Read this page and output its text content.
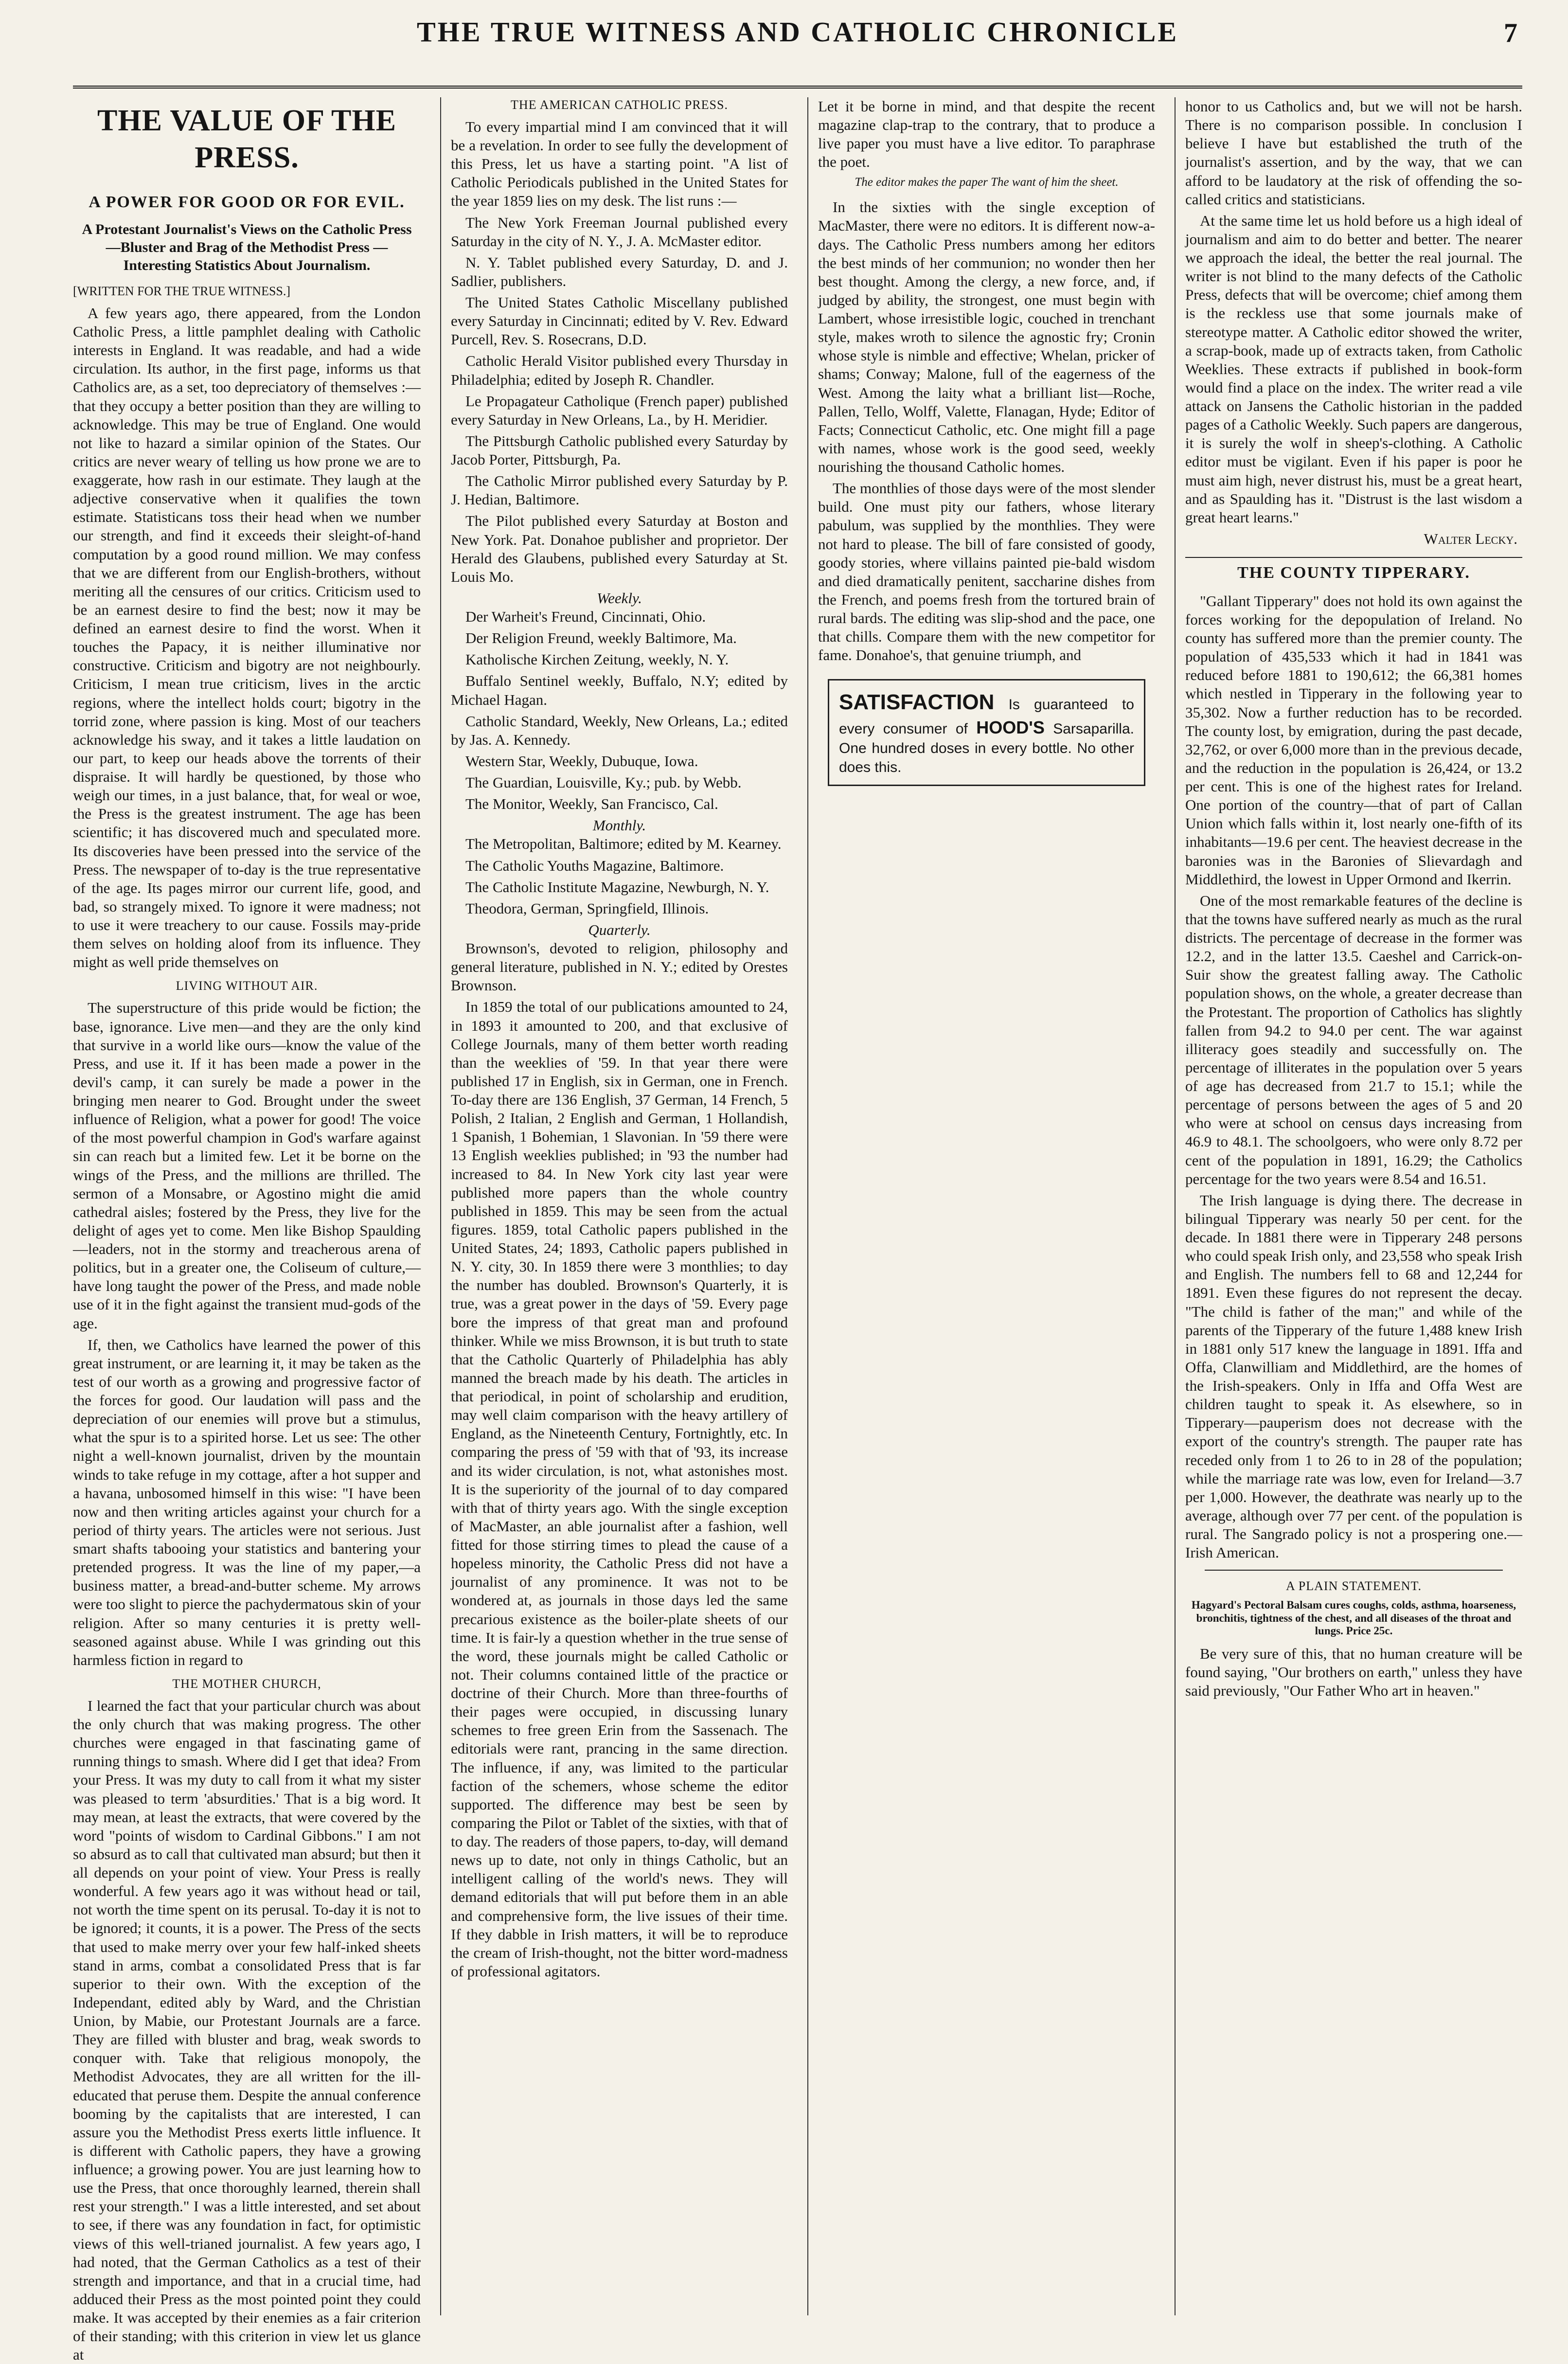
THE TRUE WITNESS AND CATHOLIC CHRONICLE	7
THE VALUE OF THE PRESS.
A POWER FOR GOOD OR FOR EVIL.
A Protestant Journalist's Views on the Catholic Press—Bluster and Brag of the Methodist Press — Interesting Statistics About Journalism.
[WRITTEN FOR THE TRUE WITNESS.]

A few years ago, there appeared, from the London Catholic Press, a little pamphlet dealing with Catholic interests in England. It was readable, and had a wide circulation. Its author, in the first page, informs us that Catholics are, as a set, too depreciatory of themselves :— that they occupy a better position than they are willing to acknowledge. This may be true of England. One would not like to hazard a similar opinion of the States. Our critics are never weary of telling us how prone we are to exaggerate, how rash in our estimate. They laugh at the adjective conservative when it qualifies the town estimate. Statisticans toss their head when we number our strength, and find it exceeds their sleight-of-hand computation by a good round million. We may confess that we are different from our English-brothers, without meriting all the censures of our critics. Criticism used to be an earnest desire to find the best; now it may be defined an earnest desire to find the worst. When it touches the Papacy, it is neither illuminative nor constructive. Criticism and bigotry are not neighbourly. Criticism, I mean true criticism, lives in the arctic regions, where the intellect holds court; bigotry in the torrid zone, where passion is king. Most of our teachers acknowledge his sway, and it takes a little laudation on our part, to keep our heads above the torrents of their dispraise. It will hardly be questioned, by those who weigh our times, in a just balance, that, for weal or woe, the Press is the greatest instrument. The age has been scientific; it has discovered much and speculated more. Its discoveries have been pressed into the service of the Press. The newspaper of to-day is the true representative of the age. Its pages mirror our current life, good, and bad, so strangely mixed. To ignore it were madness; not to use it were treachery to our cause. Fossils may-pride them selves on holding aloof from its influence. They might as well pride themselves on

LIVING WITHOUT AIR.

The superstructure of this pride would be fiction; the base, ignorance. Live men—and they are the only kind that survive in a world like ours—know the value of the Press, and use it. If it has been made a power in the devil's camp, it can surely be made a power in the bringing men nearer to God. Brought under the sweet influence of Religion, what a power for good! The voice of the most powerful champion in God's warfare against sin can reach but a limited few. Let it be borne on the wings of the Press, and the millions are thrilled. The sermon of a Monsabre, or Agostino might die amid cathedral aisles; fostered by the Press, they live for the delight of ages yet to come. Men like Bishop Spaulding—leaders, not in the stormy and treacherous arena of politics, but in a greater one, the Coliseum of culture,—have long taught the power of the Press, and made noble use of it in the fight against the transient mud-gods of the age.

If, then, we Catholics have learned the power of this great instrument, or are learning it, it may be taken as the test of our worth as a growing and progressive factor of the forces for good. Our laudation will pass and the depreciation of our enemies will prove but a stimulus, what the spur is to a spirited horse. Let us see: The other night a well-known journalist, driven by the mountain winds to take refuge in my cottage, after a hot supper and a havana, unbosomed himself in this wise: "I have been now and then writing articles against your church for a period of thirty years. The articles were not serious. Just smart shafts tabooing your statistics and bantering your pretended progress. It was the line of my paper,—a business matter, a bread-and-butter scheme. My arrows were too slight to pierce the pachydermatous skin of your religion. After so many centuries it is pretty well-seasoned against abuse. While I was grinding out this harmless fiction in regard to

THE MOTHER CHURCH,

I learned the fact that your particular church was about the only church that was making progress. The other churches were engaged in that fascinating game of running things to smash. Where did I get that idea? From your Press. It was my duty to call from it what my sister was pleased to term 'absurdities.' That is a big word. It may mean, at least the extracts, that were covered by the word "points of wisdom to Cardinal Gibbons." I am not so absurd as to call that cultivated man absurd; but then it all depends on your point of view. Your Press is really wonderful. A few years ago it was without head or tail, not worth the time spent on its perusal. To-day it is not to be ignored; it counts, it is a power. The Press of the sects that used to make merry over your few half-inked sheets stand in arms, combat a consolidated Press that is far superior to their own. With the exception of the Independant, edited ably by Ward, and the Christian Union, by Mabie, our Protestant Journals are a farce. They are filled with bluster and brag, weak swords to conquer with. Take that religious monopoly, the Methodist Advocates, they are all written for the ill-educated that peruse them. Despite the annual conference booming by the capitalists that are interested, I can assure you the Methodist Press exerts little influence. It is different with Catholic papers, they have a growing influence; a growing power. You are just learning how to use the Press, that once thoroughly learned, therein shall rest your strength." I was a little interested, and set about to see, if there was any foundation in fact, for optimistic views of this well-trianed journalist. A few years ago, I had noted, that the German Catholics as a test of their strength and importance, and that in a crucial time, had adduced their Press as the most pointed point they could make. It was accepted by their enemies as a fair criterion of their standing; with this criterion in view let us glance at

THE AMERICAN CATHOLIC PRESS.

To every impartial mind I am convinced that it will be a revelation. In order to see fully the development of this Press, let us have a starting point. "A list of Catholic Periodicals published in the United States for the year 1859 lies on my desk. The list runs :—

The New York Freeman Journal published every Saturday in the city of N. Y., J. A. McMaster editor.

N. Y. Tablet published every Saturday, D. and J. Sadlier, publishers.

The United States Catholic Miscellany published every Saturday in Cincinnati; edited by V. Rev. Edward Purcell, Rev. S. Rosecrans, D.D.

Catholic Herald Visitor published every Thursday in Philadelphia; edited by Joseph R. Chandler.

Le Propagateur Catholique (French paper) published every Saturday in New Orleans, La., by H. Meridier.

The Pittsburgh Catholic published every Saturday by Jacob Porter, Pittsburgh, Pa.

The Catholic Mirror published every Saturday by P. J. Hedian, Baltimore.

The Pilot published every Saturday at Boston and New York. Pat. Donahoe publisher and proprietor. Der Herald des Glaubens, published every Saturday at St. Louis Mo.

Weekly.

Der Warheit's Freund, Cincinnati, Ohio.

Der Religion Freund, weekly Baltimore, Ma.

Katholische Kirchen Zeitung, weekly, N. Y.

Buffalo Sentinel weekly, Buffalo, N.Y; edited by Michael Hagan.

Catholic Standard, Weekly, New Orleans, La.; edited by Jas. A. Kennedy.

Western Star, Weekly, Dubuque, Iowa.

The Guardian, Louisville, Ky.; pub. by Webb.

The Monitor, Weekly, San Francisco, Cal.

Monthly.

The Metropolitan, Baltimore; edited by M. Kearney.

The Catholic Youths Magazine, Baltimore.

The Catholic Institute Magazine, Newburgh, N. Y.

Theodora, German, Springfield, Illinois.

Quarterly.

Brownson's, devoted to religion, philosophy and general literature, published in N. Y.; edited by Orestes Brownson.

In 1859 the total of our publications amounted to 24, in 1893 it amounted to 200, and that exclusive of College Journals, many of them better worth reading than the weeklies of '59. In that year there were published 17 in English, six in German, one in French. To-day there are 136 English, 37 German, 14 French, 5 Polish, 2 Italian, 2 English and German, 1 Hollandish, 1 Spanish, 1 Bohemian, 1 Slavonian. In '59 there were 13 English weeklies published; in '93 the number had increased to 84. In New York city last year were published more papers than the whole country published in 1859. This may be seen from the actual figures. 1859, total Catholic papers published in the United States, 24; 1893, Catholic papers published in N. Y. city, 30. In 1859 there were 3 monthlies; to day the number has doubled. Brownson's Quarterly, it is true, was a great power in the days of '59. Every page bore the impress of that great man and profound thinker. While we miss Brownson, it is but truth to state that the Catholic Quarterly of Philadelphia has ably manned the breach made by his death. The articles in that periodical, in point of scholarship and erudition, may well claim comparison with the heavy artillery of England, as the Nineteenth Century, Fortnightly, etc. In comparing the press of '59 with that of '93, its increase and its wider circulation, is not, what astonishes most. It is the superiority of the journal of to day compared with that of thirty years ago. With the single exception of MacMaster, an able journalist after a fashion, well fitted for those stirring times to plead the cause of a hopeless minority, the Catholic Press did not have a journalist of any prominence. It was not to be wondered at, as journals in those days led the same precarious existence as the boiler-plate sheets of our time. It is fair-ly a question whether in the true sense of the word, these journals might be called Catholic or not. Their columns contained little of the practice or doctrine of their Church. More than three-fourths of their pages were occupied, in discussing lunary schemes to free green Erin from the Sassenach. The editorials were rant, prancing in the same direction. The influence, if any, was limited to the particular faction of the schemers, whose scheme the editor supported. The difference may best be seen by comparing the Pilot or Tablet of the sixties, with that of to day. The readers of those papers, to-day, will demand news up to date, not only in things Catholic, but an intelligent calling of the world's news. They will demand editorials that will put before them in an able and comprehensive form, the live issues of their time. If they dabble in Irish matters, it will be to reproduce the cream of Irish-thought, not the bitter word-madness of professional agitators.

Let it be borne in mind, and that despite the recent magazine clap-trap to the contrary, that to produce a live paper you must have a live editor. To paraphrase the poet.

The editor makes the paper The want of him the sheet.

In the sixties with the single exception of MacMaster, there were no editors. It is different now-a-days. The Catholic Press numbers among her editors the best minds of her communion; no wonder then her best thought. Among the clergy, a new force, and, if judged by ability, the strongest, one must begin with Lambert, whose irresistible logic, couched in trenchant style, makes wroth to silence the agnostic fry; Cronin whose style is nimble and effective; Whelan, pricker of shams; Conway; Malone, full of the eagerness of the West. Among the laity what a brilliant list—Roche, Pallen, Tello, Wolff, Valette, Flanagan, Hyde; Editor of Facts; Connecticut Catholic, etc. One might fill a page with names, whose work is the good seed, weekly nourishing the thousand Catholic homes.

The monthlies of those days were of the most slender build. One must pity our fathers, whose literary pabulum, was supplied by the monthlies. They were not hard to please. The bill of fare consisted of goody, goody stories, where villains painted pie-bald wisdom and died dramatically penitent, saccharine dishes from the French, and poems fresh from the tortured brain of rural bards. The editing was slip-shod and the pace, one that chills. Compare them with the new competitor for fame. Donahoe's, that genuine triumph, and

SATISFACTION Is guaranteed to every consumer of HOOD'S Sarsaparilla. One hundred doses in every bottle. No other does this.

honor to us Catholics and, but we will not be harsh. There is no comparison possible. In conclusion I believe I have but established the truth of the journalist's assertion, and by the way, that we can afford to be laudatory at the risk of offending the so-called critics and statisticians.

At the same time let us hold before us a high ideal of journalism and aim to do better and better. The nearer we approach the ideal, the better the real journal. The writer is not blind to the many defects of the Catholic Press, defects that will be overcome; chief among them is the reckless use that some journals make of stereotype matter. A Catholic editor showed the writer, a scrap-book, made up of extracts taken, from Catholic Weeklies. These extracts if published in book-form would find a place on the index. The writer read a vile attack on Jansens the Catholic historian in the padded pages of a Catholic Weekly. Such papers are dangerous, it is surely the wolf in sheep's-clothing. A Catholic editor must be vigilant. Even if his paper is poor he must aim high, never distrust his, must be a great heart, and as Spaulding has it. "Distrust is the last wisdom a great heart learns."

Walter Lecky.
THE COUNTY TIPPERARY.

"Gallant Tipperary" does not hold its own against the forces working for the depopulation of Ireland. No county has suffered more than the premier county. The population of 435,533 which it had in 1841 was reduced before 1881 to 190,612; the 66,381 homes which nestled in Tipperary in the following year to 35,302. Now a further reduction has to be recorded. The county lost, by emigration, during the past decade, 32,762, or over 6,000 more than in the previous decade, and the reduction in the population is 26,424, or 13.2 per cent. This is one of the highest rates for Ireland. One portion of the country—that of part of Callan Union which falls within it, lost nearly one-fifth of its inhabitants—19.6 per cent. The heaviest decrease in the baronies was in the Baronies of Slievardagh and Middlethird, the lowest in Upper Ormond and Ikerrin.

One of the most remarkable features of the decline is that the towns have suffered nearly as much as the rural districts. The percentage of decrease in the former was 12.2, and in the latter 13.5. Caeshel and Carrick-on-Suir show the greatest falling away. The Catholic population shows, on the whole, a greater decrease than the Protestant. The proportion of Catholics has slightly fallen from 94.2 to 94.0 per cent. The war against illiteracy goes steadily and successfully on. The percentage of illiterates in the population over 5 years of age has decreased from 21.7 to 15.1; while the percentage of persons between the ages of 5 and 20 who were at school on census days increasing from 46.9 to 48.1. The schoolgoers, who were only 8.72 per cent of the population in 1891, 16.29; the Catholics percentage for the two years were 8.54 and 16.51.

The Irish language is dying there. The decrease in bilingual Tipperary was nearly 50 per cent. for the decade. In 1881 there were in Tipperary 248 persons who could speak Irish only, and 23,558 who speak Irish and English. The numbers fell to 68 and 12,244 for 1891. Even these figures do not represent the decay. "The child is father of the man;" and while of the parents of the Tipperary of the future 1,488 knew Irish in 1881 only 517 knew the language in 1891. Iffa and Offa, Clanwilliam and Middlethird, are the homes of the Irish-speakers. Only in Iffa and Offa West are children taught to speak it. As elsewhere, so in Tipperary—pauperism does not decrease with the export of the country's strength. The pauper rate has receded only from 1 to 26 to in 28 of the population; while the marriage rate was low, even for Ireland—3.7 per 1,000. However, the deathrate was nearly up to the average, although over 77 per cent. of the population is rural. The Sangrado policy is not a prospering one.—Irish American.

A PLAIN STATEMENT.
Hagyard's Pectoral Balsam cures coughs, colds, asthma, hoarseness, bronchitis, tightness of the chest, and all diseases of the throat and lungs. Price 25c.

Be very sure of this, that no human creature will be found saying, "Our brothers on earth," unless they have said previously, "Our Father Who art in heaven."
